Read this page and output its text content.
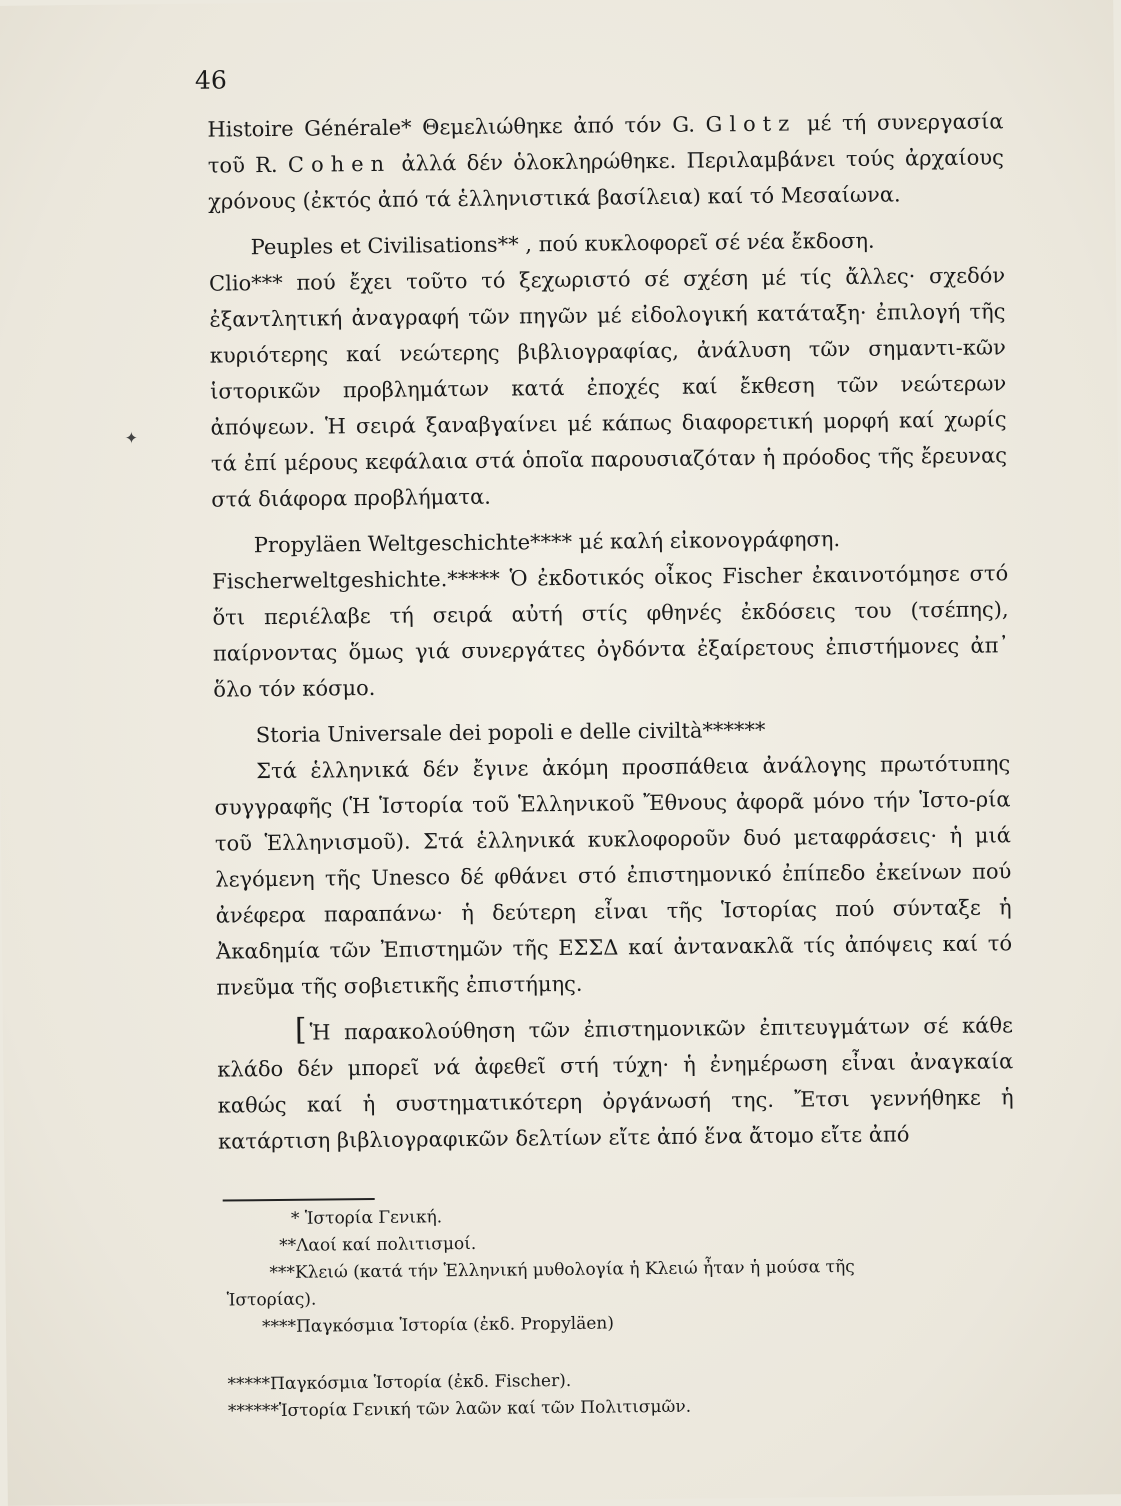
46
✦

Histoire Générale* Θεμελιώθηκε ἀπό τόν G. Glotz μέ τή συνεργασία τοῦ R. Cohen ἀλλά δέν ὁλοκληρώθηκε. Περιλαμβάνει τούς ἀρχαίους χρόνους (ἐκτός ἀπό τά ἑλληνιστικά βασίλεια) καί τό Μεσαίωνα.

Peuples et Civilisations** , πού κυκλοφορεῖ σέ νέα ἔκδοση.

Clio*** πού ἔχει τοῦτο τό ξεχωριστό σέ σχέση μέ τίς ἄλλες· σχεδόν ἐξαντλητική ἀναγραφή τῶν πηγῶν μέ εἰδολογική κατάταξη· ἐπιλογή τῆς κυριότερης καί νεώτερης βιβλιογραφίας, ἀνάλυση τῶν σημαντι-κῶν ἱστορικῶν προβλημάτων κατά ἐποχές καί ἔκθεση τῶν νεώτερων ἀπόψεων. Ἡ σειρά ξαναβγαίνει μέ κάπως διαφορετική μορφή καί χωρίς τά ἐπί μέρους κεφάλαια στά ὁποῖα παρουσιαζόταν ἡ πρόοδος τῆς ἔρευνας στά διάφορα προβλήματα.

Propyläen Weltgeschichte**** μέ καλή εἰκονογράφηση.

Fischerweltgeshichte.***** Ὁ ἐκδοτικός οἶκος Fischer ἐκαινοτόμησε στό ὅτι περιέλαβε τή σειρά αὐτή στίς φθηνές ἐκδόσεις του (τσέπης), παίρνοντας ὅμως γιά συνεργάτες ὀγδόντα ἐξαίρετους ἐπιστήμονες ἀπ᾽ ὅλο τόν κόσμο.

Storia Universale dei popoli e delle civiltà******

Στά ἑλληνικά δέν ἔγινε ἀκόμη προσπάθεια ἀνάλογης πρωτότυπης συγγραφῆς (Ἡ Ἱστορία τοῦ Ἑλληνικοῦ Ἔθνους ἀφορᾶ μόνο τήν Ἱστο-ρία τοῦ Ἑλληνισμοῦ). Στά ἑλληνικά κυκλοφοροῦν δυό μεταφράσεις· ἡ μιά λεγόμενη τῆς Unesco δέ φθάνει στό ἐπιστημονικό ἐπίπεδο ἐκείνων πού ἀνέφερα παραπάνω· ἡ δεύτερη εἶναι τῆς Ἱστορίας πού σύνταξε ἡ Ἀκαδημία τῶν Ἐπιστημῶν τῆς ΕΣΣΔ καί ἀντανακλᾶ τίς ἀπόψεις καί τό πνεῦμα τῆς σοβιετικῆς ἐπιστήμης.

[ Ἡ παρακολούθηση τῶν ἐπιστημονικῶν ἐπιτευγμάτων σέ κάθε κλάδο δέν μπορεῖ νά ἀφεθεῖ στή τύχη· ἡ ἐνημέρωση εἶναι ἀναγκαία καθώς καί ἡ συστηματικότερη ὀργάνωσή της. Ἔτσι γεννήθηκε ἡ κατάρτιση βιβλιογραφικῶν δελτίων εἴτε ἀπό ἕνα ἄτομο εἴτε ἀπό

* Ἱστορία Γενική.

**Λαοί καί πολιτισμοί.

***Κλειώ (κατά τήν Ἑλληνική μυθολογία ἡ Κλειώ ἦταν ἡ μούσα τῆς

Ἱστορίας).

****Παγκόσμια Ἱστορία (ἐκδ. Propyläen)

*****Παγκόσμια Ἱστορία (ἐκδ. Fischer).

******Ἱστορία Γενική τῶν λαῶν καί τῶν Πολιτισμῶν.
